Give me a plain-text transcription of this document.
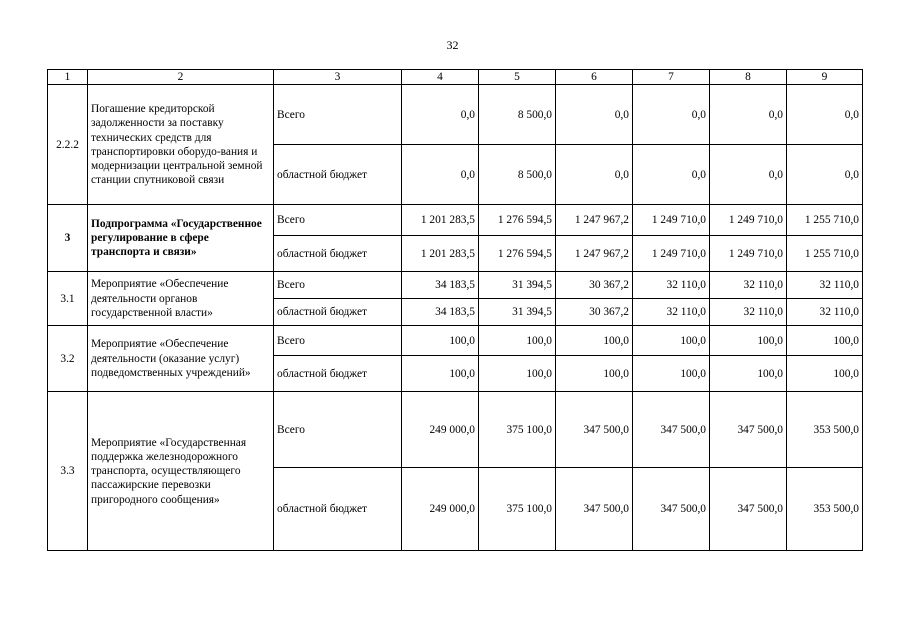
32
1	2	3	4	5	6	7	8	9
2.2.2	Погашение кредиторской задолженности за поставку технических средств для транспортировки оборудо-вания и модернизации центральной земной станции спутниковой связи	Всего	0,0	8 500,0	0,0	0,0	0,0	0,0
		областной бюджет	0,0	8 500,0	0,0	0,0	0,0	0,0
3	Подпрограмма «Государственное регулирование в сфере транспорта и связи»	Всего	1 201 283,5	1 276 594,5	1 247 967,2	1 249 710,0	1 249 710,0	1 255 710,0
		областной бюджет	1 201 283,5	1 276 594,5	1 247 967,2	1 249 710,0	1 249 710,0	1 255 710,0
3.1	Мероприятие «Обеспечение деятельности органов государственной власти»	Всего	34 183,5	31 394,5	30 367,2	32 110,0	32 110,0	32 110,0
		областной бюджет	34 183,5	31 394,5	30 367,2	32 110,0	32 110,0	32 110,0
3.2	Мероприятие «Обеспечение деятельности (оказание услуг) подведомственных учреждений»	Всего	100,0	100,0	100,0	100,0	100,0	100,0
		областной бюджет	100,0	100,0	100,0	100,0	100,0	100,0
3.3	Мероприятие «Государственная поддержка железнодорожного транспорта, осуществляющего пассажирские перевозки пригородного сообщения»	Всего	249 000,0	375 100,0	347 500,0	347 500,0	347 500,0	353 500,0
		областной бюджет	249 000,0	375 100,0	347 500,0	347 500,0	347 500,0	353 500,0
